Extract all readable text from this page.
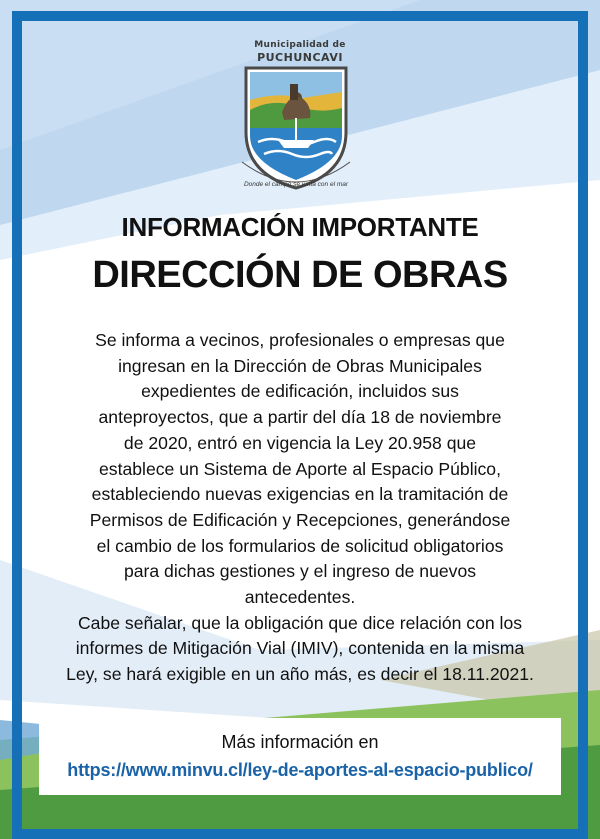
Municipalidad de
PUCHUNCAVI
Donde el campo se junta con el mar
INFORMACIÓN IMPORTANTE
DIRECCIÓN DE OBRAS
Se informa a vecinos, profesionales o empresas que
ingresan en la Dirección de Obras Municipales
expedientes de edificación, incluidos sus
anteproyectos, que a partir del día 18 de noviembre
de 2020, entró en vigencia la Ley 20.958 que
establece un Sistema de Aporte al Espacio Público,
estableciendo nuevas exigencias en la tramitación de
Permisos de Edificación y Recepciones, generándose
el cambio de los formularios de solicitud obligatorios
para dichas gestiones y el ingreso de nuevos
antecedentes.
Cabe señalar, que la obligación que dice relación con los
informes de Mitigación Vial (IMIV), contenida en la misma
Ley, se hará exigible en un año más, es decir el 18.11.2021.
Más información en
https://www.minvu.cl/ley-de-aportes-al-espacio-publico/
